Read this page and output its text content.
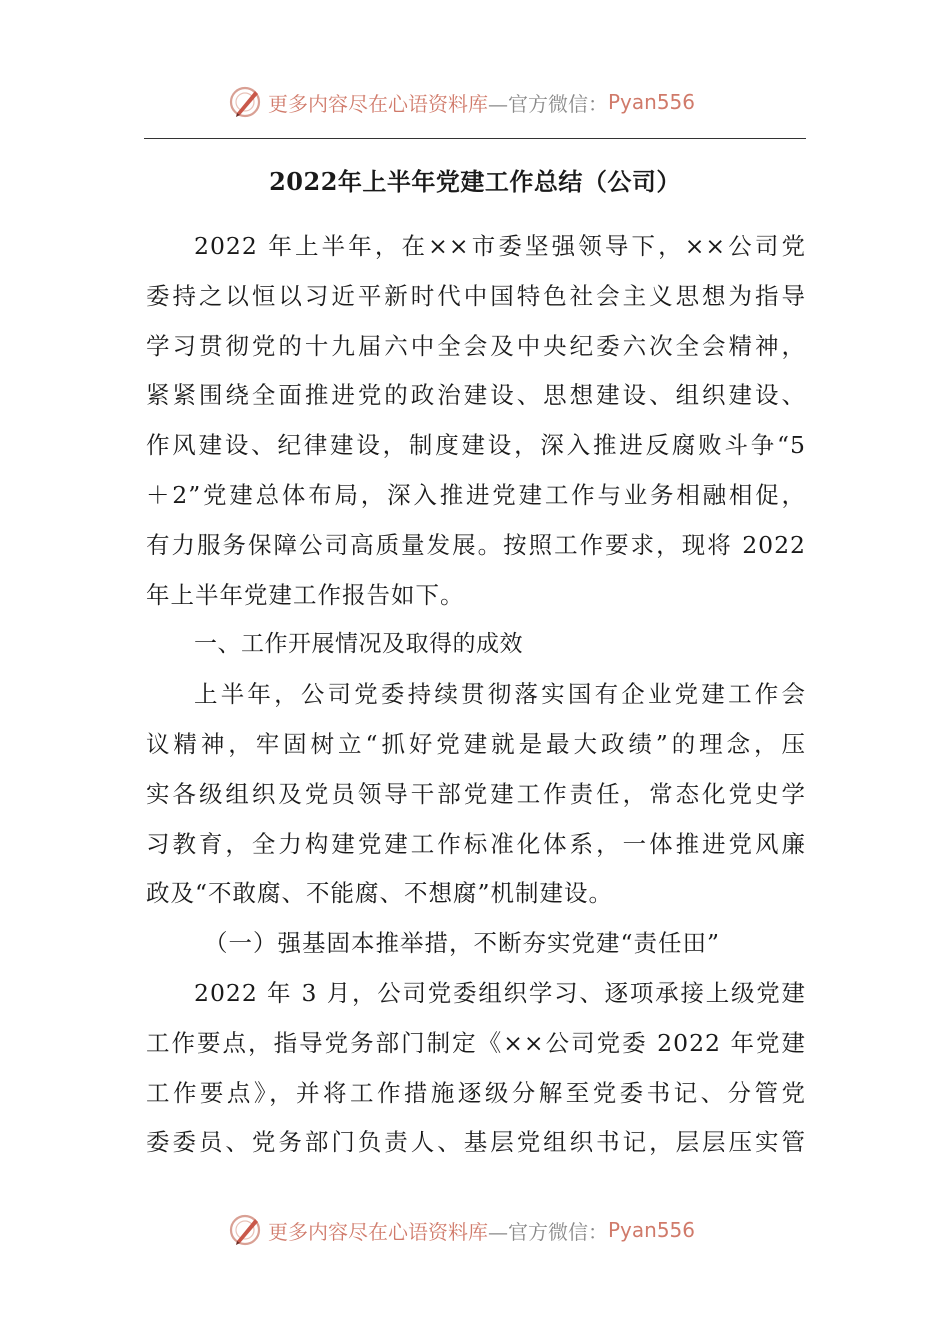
更多内容尽在心语资料库 —官方微信： Pyan556
2022年上半年党建工作总结（公司）
2022 年上半年，在××市委坚强领导下，××公司党
委持之以恒以习近平新时代中国特色社会主义思想为指导
学习贯彻党的十九届六中全会及中央纪委六次全会精神，
紧紧围绕全面推进党的政治建设、思想建设、组织建设、
作风建设、纪律建设，制度建设，深入推进反腐败斗争“5
＋2”党建总体布局，深入推进党建工作与业务相融相促，
有力服务保障公司高质量发展。按照工作要求，现将 2022
年上半年党建工作报告如下。
一、工作开展情况及取得的成效
上半年，公司党委持续贯彻落实国有企业党建工作会
议精神，牢固树立“抓好党建就是最大政绩”的理念，压
实各级组织及党员领导干部党建工作责任，常态化党史学
习教育，全力构建党建工作标准化体系，一体推进党风廉
政及“不敢腐、不能腐、不想腐”机制建设。
（一）强基固本推举措，不断夯实党建“责任田”
2022 年 3 月，公司党委组织学习、逐项承接上级党建
工作要点，指导党务部门制定《××公司党委 2022 年党建
工作要点》，并将工作措施逐级分解至党委书记、分管党
委委员、党务部门负责人、基层党组织书记，层层压实管
更多内容尽在心语资料库 —官方微信： Pyan556
